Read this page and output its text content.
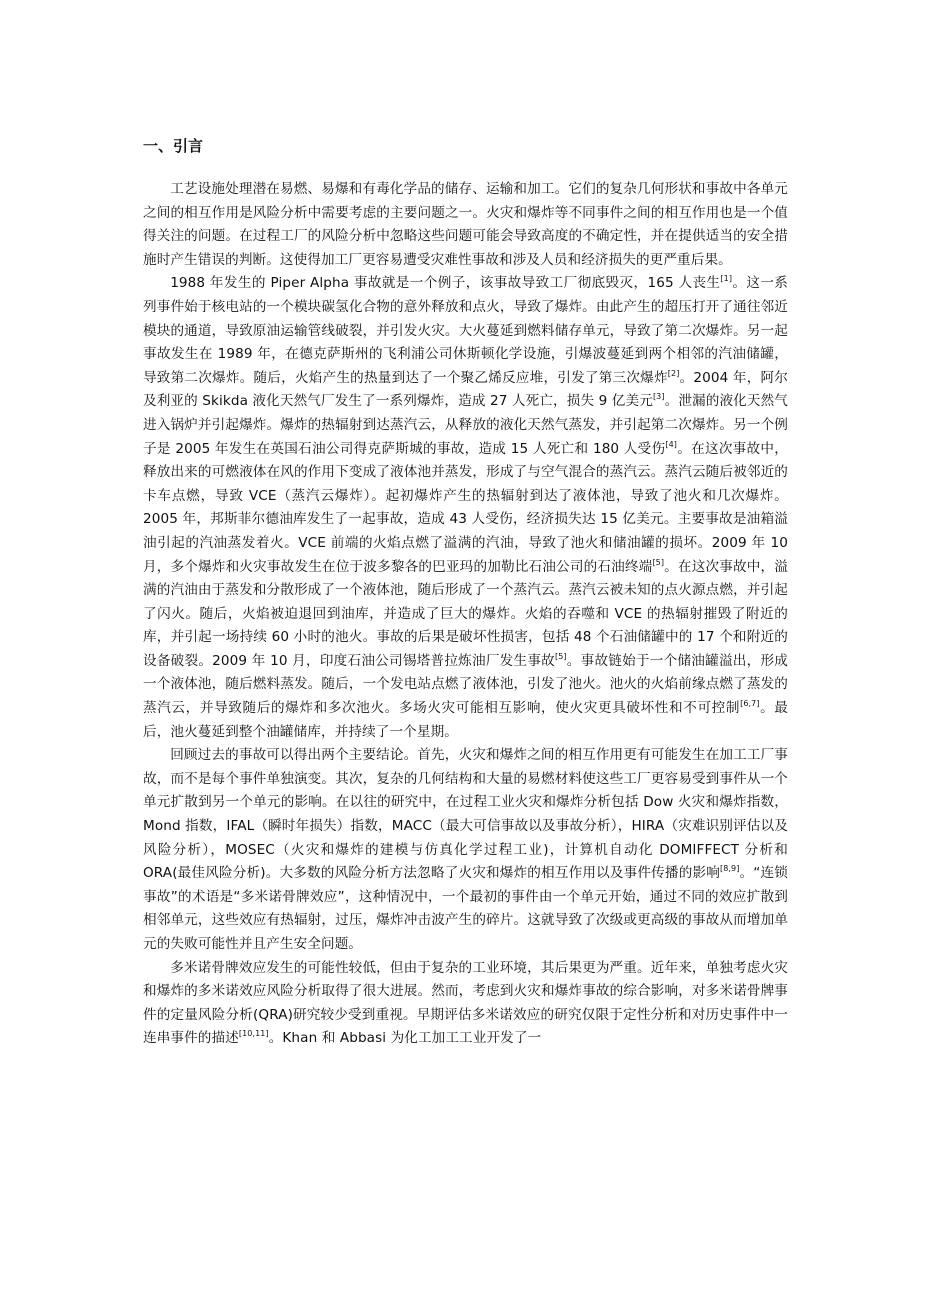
一、引言

工艺设施处理潜在易燃、易爆和有毒化学品的储存、运输和加工。它们的复杂几何形状和事故中各单元之间的相互作用是风险分析中需要考虑的主要问题之一。火灾和爆炸等不同事件之间的相互作用也是一个值得关注的问题。在过程工厂的风险分析中忽略这些问题可能会导致高度的不确定性，并在提供适当的安全措施时产生错误的判断。这使得加工厂更容易遭受灾难性事故和涉及人员和经济损失的更严重后果。

1988 年发生的 Piper Alpha 事故就是一个例子，该事故导致工厂彻底毁灭，165 人丧生[1]。这一系列事件始于核电站的一个模块碳氢化合物的意外释放和点火，导致了爆炸。由此产生的超压打开了通往邻近模块的通道，导致原油运输管线破裂，并引发火灾。大火蔓延到燃料储存单元，导致了第二次爆炸。另一起事故发生在 1989 年，在德克萨斯州的飞利浦公司休斯顿化学设施，引爆波蔓延到两个相邻的汽油储罐，导致第二次爆炸。随后，火焰产生的热量到达了一个聚乙烯反应堆，引发了第三次爆炸[2]。2004 年，阿尔及利亚的 Skikda 液化天然气厂发生了一系列爆炸，造成 27 人死亡，损失 9 亿美元[3]。泄漏的液化天然气进入锅炉并引起爆炸。爆炸的热辐射到达蒸汽云，从释放的液化天然气蒸发，并引起第二次爆炸。另一个例子是 2005 年发生在英国石油公司得克萨斯城的事故，造成 15 人死亡和 180 人受伤[4]。在这次事故中，释放出来的可燃液体在风的作用下变成了液体池并蒸发，形成了与空气混合的蒸汽云。蒸汽云随后被邻近的卡车点燃，导致 VCE（蒸汽云爆炸）。起初爆炸产生的热辐射到达了液体池，导致了池火和几次爆炸。2005 年，邦斯菲尔德油库发生了一起事故，造成 43 人受伤，经济损失达 15 亿美元。主要事故是油箱溢油引起的汽油蒸发着火。VCE 前端的火焰点燃了溢满的汽油，导致了池火和储油罐的损坏。2009 年 10 月，多个爆炸和火灾事故发生在位于波多黎各的巴亚玛的加勒比石油公司的石油终端[5]。在这次事故中，溢满的汽油由于蒸发和分散形成了一个液体池，随后形成了一个蒸汽云。蒸汽云被未知的点火源点燃，并引起了闪火。随后，火焰被迫退回到油库，并造成了巨大的爆炸。火焰的吞噬和 VCE 的热辐射摧毁了附近的库，并引起一场持续 60 小时的池火。事故的后果是破坏性损害，包括 48 个石油储罐中的 17 个和附近的设备破裂。2009 年 10 月，印度石油公司锡塔普拉炼油厂发生事故[5]。事故链始于一个储油罐溢出，形成一个液体池，随后燃料蒸发。随后，一个发电站点燃了液体池，引发了池火。池火的火焰前缘点燃了蒸发的蒸汽云，并导致随后的爆炸和多次池火。多场火灾可能相互影响，使火灾更具破坏性和不可控制[6,7]。最后，池火蔓延到整个油罐储库，并持续了一个星期。

回顾过去的事故可以得出两个主要结论。首先，火灾和爆炸之间的相互作用更有可能发生在加工工厂事故，而不是每个事件单独演变。其次，复杂的几何结构和大量的易燃材料使这些工厂更容易受到事件从一个单元扩散到另一个单元的影响。在以往的研究中，在过程工业火灾和爆炸分析包括 Dow 火灾和爆炸指数，Mond 指数，IFAL（瞬时年损失）指数，MACC（最大可信事故以及事故分析），HIRA（灾难识别评估以及风险分析），MOSEC（火灾和爆炸的建模与仿真化学过程工业)，计算机自动化 DOMIFFECT 分析和 ORA(最佳风险分析)。大多数的风险分析方法忽略了火灾和爆炸的相互作用以及事件传播的影响[8,9]。“连锁事故”的术语是“多米诺骨牌效应”，这种情况中，一个最初的事件由一个单元开始，通过不同的效应扩散到相邻单元，这些效应有热辐射，过压，爆炸冲击波产生的碎片。这就导致了次级或更高级的事故从而增加单元的失败可能性并且产生安全问题。

多米诺骨牌效应发生的可能性较低，但由于复杂的工业环境，其后果更为严重。近年来，单独考虑火灾和爆炸的多米诺效应风险分析取得了很大进展。然而，考虑到火灾和爆炸事故的综合影响，对多米诺骨牌事件的定量风险分析(QRA)研究较少受到重视。早期评估多米诺效应的研究仅限于定性分析和对历史事件中一连串事件的描述[10,11]。Khan 和 Abbasi 为化工加工工业开发了一
